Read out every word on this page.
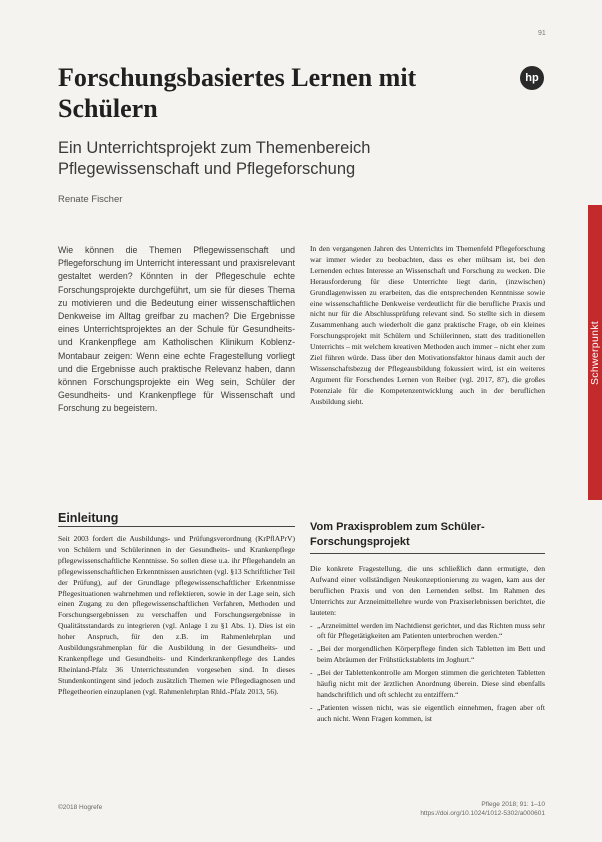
91
Forschungsbasiertes Lernen mit Schülern
hp
Ein Unterrichtsprojekt zum Themenbereich Pflegewissenschaft und Pflegeforschung
Renate Fischer

Wie können die Themen Pflegewissenschaft und Pflegeforschung im Unterricht interessant und praxisrelevant gestaltet werden? Könnten in der Pflegeschule echte Forschungsprojekte durchgeführt, um sie für dieses Thema zu motivieren und die Bedeutung einer wissenschaftlichen Denkweise im Alltag greifbar zu machen? Die Ergebnisse eines Unterrichtsprojektes an der Schule für Gesundheits- und Krankenpflege am Katholischen Klinikum Koblenz-Montabaur zeigen: Wenn eine echte Fragestellung vorliegt und die Ergebnisse auch praktische Relevanz haben, dann können Forschungsprojekte ein Weg sein, Schüler der Gesundheits- und Krankenpflege für Wissenschaft und Forschung zu begeistern.

In den vergangenen Jahren des Unterrichts im Themenfeld Pflegeforschung war immer wieder zu beobachten, dass es eher mühsam ist, bei den Lernenden echtes Interesse an Wissenschaft und Forschung zu wecken. Die Herausforderung für diese Unterrichte liegt darin, (inzwischen) Grundlagenwissen zu erarbeiten, das die entsprechenden Kenntnisse sowie eine wissenschaftliche Denkweise verdeutlicht für die berufliche Praxis und nicht nur für die Abschlussprüfung relevant sind. So stellte sich in diesem Zusammenhang auch wiederholt die ganz praktische Frage, ob ein kleines Forschungsprojekt mit Schülern und Schülerinnen, statt des traditionellen Unterrichts – mit welchem kreativen Methoden auch immer – nicht eher zum Ziel führen würde. Dass über den Motivationsfaktor hinaus damit auch der Wissenschaftsbezug der Pflegeausbildung fokussiert wird, ist ein weiteres Argument für Forschendes Lernen von Reiber (vgl. 2017, 87), die großes Potenziale für die Kompetenzentwicklung auch in der beruflichen Ausbildung sieht.

Schwerpunkt
Einleitung

Seit 2003 fordert die Ausbildungs- und Prüfungsverordnung (KrPflAPrV) von Schülern und Schülerinnen in der Gesundheits- und Krankenpflege pflegewissenschaftliche Kenntnisse. So sollen diese u.a. ihr Pflegehandeln an pflegewissenschaftlichen Erkenntnissen ausrichten (vgl. §13 Schriftlicher Teil der Prüfung), auf der Grundlage pflegewissenschaftlicher Erkenntnisse Pflegesituationen wahrnehmen und reflektieren, sowie in der Lage sein, sich einen Zugang zu den pflegewissenschaftlichen Verfahren, Methoden und Forschungsergebnissen zu verschaffen und Forschungsergebnisse in Qualitätsstandards zu integrieren (vgl. Anlage 1 zu §1 Abs. 1). Dies ist ein hoher Anspruch, für den z.B. im Rahmenlehrplan und Ausbildungsrahmenplan für die Ausbildung in der Gesundheits- und Krankenpflege und Gesundheits- und Kinderkrankenpflege des Landes Rheinland-Pfalz 36 Unterrichtsstunden vorgesehen sind. In dieses Stundenkontingent sind jedoch zusätzlich Themen wie Pflegediagnosen und Pflegetheorien einzuplanen (vgl. Rahmenlehrplan Rhld.-Pfalz 2013, 56).

Vom Praxisproblem zum Schüler- Forschungsprojekt

Die konkrete Fragestellung, die uns schließlich dann ermutigte, den Aufwand einer vollständigen Neukonzeptionierung zu wagen, kam aus der beruflichen Praxis und von den Lernenden selbst. Im Rahmen des Unterrichts zur Arzneimittellehre wurde von Praxiserlebnissen berichtet, die lauteten:

- „Arzneimittel werden im Nachtdienst gerichtet, und das Richten muss sehr oft für Pflegetätigkeiten am Patienten unterbrochen werden.“
- „Bei der morgendlichen Körperpflege finden sich Tabletten im Bett und beim Abräumen der Frühstückstabletts im Joghurt.“
- „Bei der Tablettenkontrolle am Morgen stimmen die gerichteten Tabletten häufig nicht mit der ärztlichen Anordnung überein. Diese sind ebenfalls handschriftlich und oft schlecht zu entziffern.“
- „Patienten wissen nicht, was sie eigentlich einnehmen, fragen aber oft auch nicht. Wenn Fragen kommen, ist
©2018 Hogrefe	Pflege 2018; 91: 1–10
https://doi.org/10.1024/1012-5302/a000601
